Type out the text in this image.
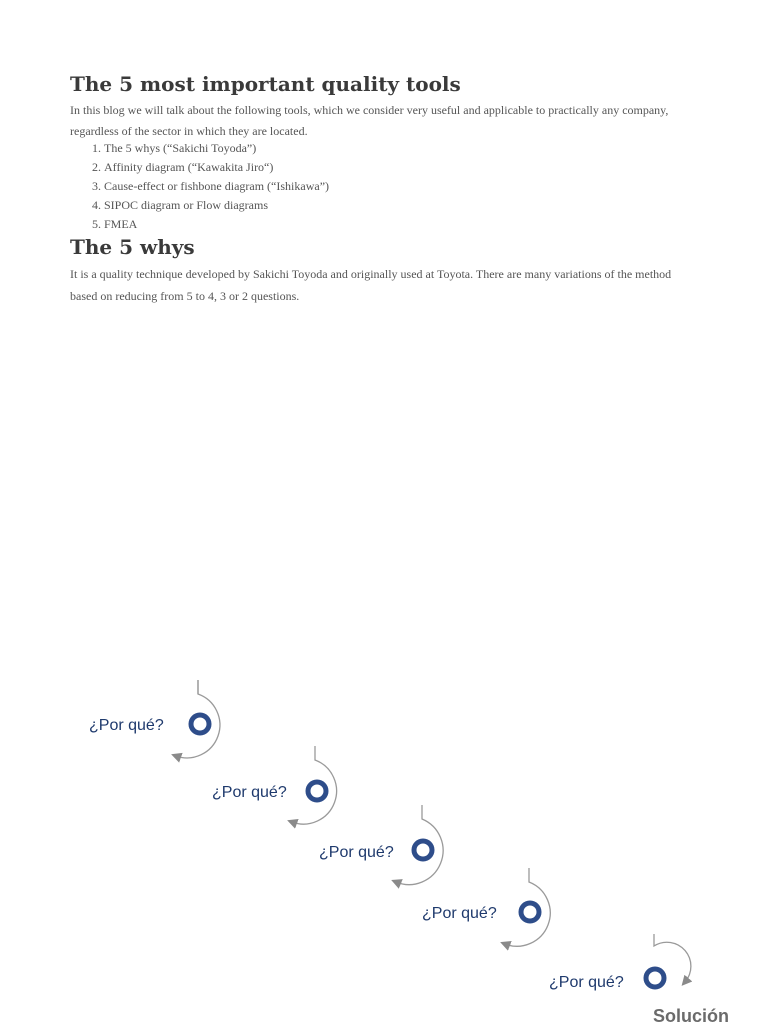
The 5 most important quality tools

In this blog we will talk about the following tools, which we consider very useful and applicable to practically any company, regardless of the sector in which they are located.

1. The 5 whys (“Sakichi Toyoda”)
2. Affinity diagram (“Kawakita Jiro“)
3. Cause-effect or fishbone diagram (“Ishikawa”)
4. SIPOC diagram or Flow diagrams
5. FMEA
The 5 whys

It is a quality technique developed by Sakichi Toyoda and originally used at Toyota. There are many variations of the method based on reducing from 5 to 4, 3 or 2 questions.

¿Por qué?
¿Por qué?
¿Por qué?
¿Por qué?
¿Por qué?
Solución
